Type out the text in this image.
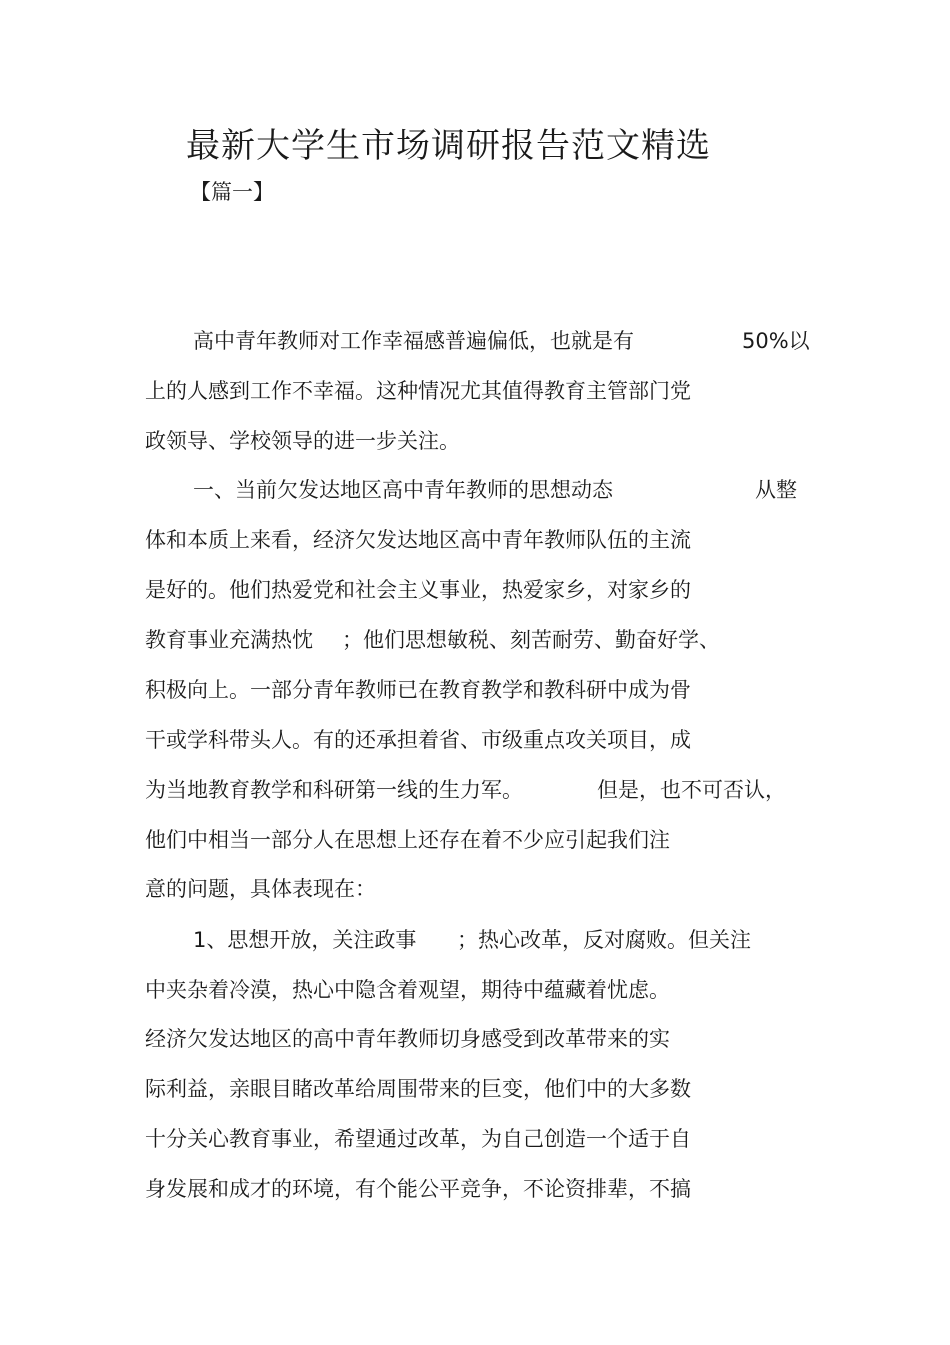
最新大学生市场调研报告范文精选
【篇一】
高中青年教师对工作幸福感普遍偏低，也就是有	50%以
上的人感到工作不幸福。这种情况尤其值得教育主管部门党
政领导、学校领导的进一步关注。
一、当前欠发达地区高中青年教师的思想动态	从整
体和本质上来看，经济欠发达地区高中青年教师队伍的主流
是好的。他们热爱党和社会主义事业，热爱家乡，对家乡的
教育事业充满热忱 ；他们思想敏税、刻苦耐劳、勤奋好学、
积极向上。一部分青年教师已在教育教学和教科研中成为骨
干或学科带头人。有的还承担着省、市级重点攻关项目，成
为当地教育教学和科研第一线的生力军。	但是，也不可否认，
他们中相当一部分人在思想上还存在着不少应引起我们注
意的问题，具体表现在：
1、思想开放，关注政事 ；热心改革，反对腐败。但关注
中夹杂着冷漠，热心中隐含着观望，期待中蕴藏着忧虑。
经济欠发达地区的高中青年教师切身感受到改革带来的实
际利益，亲眼目睹改革给周围带来的巨变，他们中的大多数
十分关心教育事业，希望通过改革，为自己创造一个适于自
身发展和成才的环境，有个能公平竞争，不论资排辈，不搞
